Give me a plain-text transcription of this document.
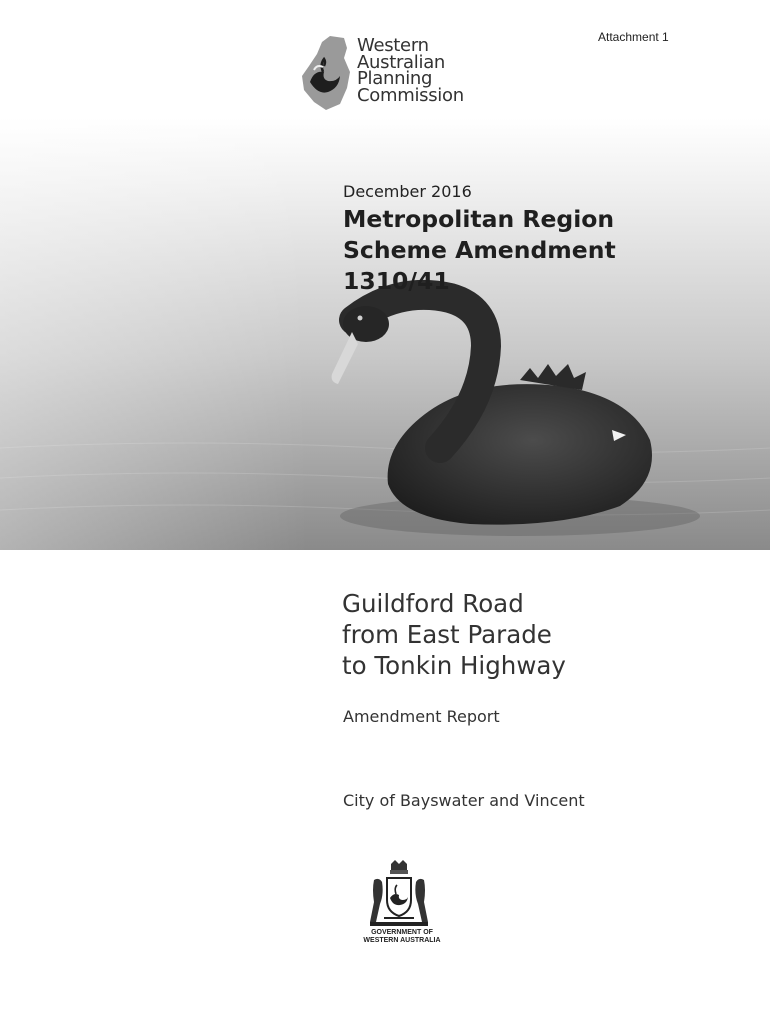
Attachment 1
Western
Australian
Planning
Commission
December 2016
Metropolitan Region
Scheme Amendment
1310/41
Guildford Road
from East Parade
to Tonkin Highway
Amendment Report
City of Bayswater and Vincent
GOVERNMENT OF
WESTERN AUSTRALIA
